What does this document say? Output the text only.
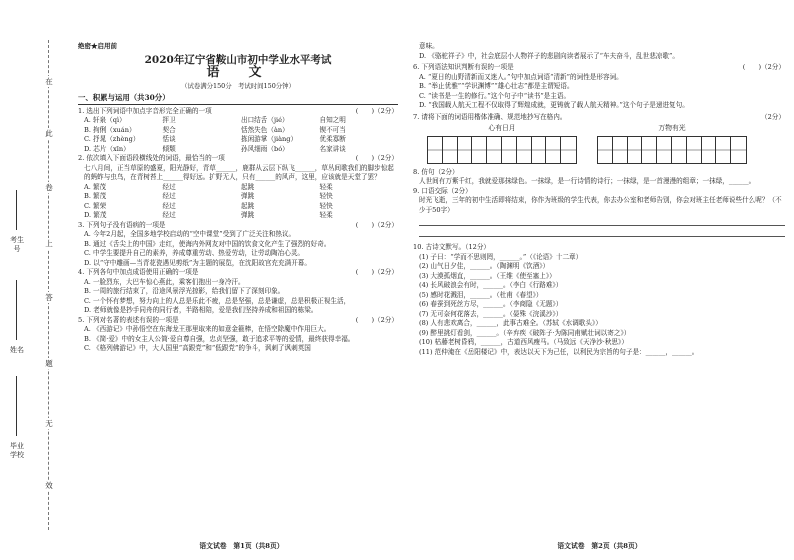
在
此
卷
上
答
题
无
效
考生号
姓名
毕业学校
绝密★启用前
2020年辽宁省鞍山市初中学业水平考试
语　文
（试卷满分150分　考试时间150分钟）
一、积累与运用（共30分）
1. 选出下列词语中加点字音形完全正确的一项	(　　)（2分）
A. 轩泉（qì）	抨卫	出口结舌（jié）	自知之明
B. 拘俐（xuán）	契合	恬然失色（àn）	锲不可当
C. 抒晁（zhèng）	恬谈	拣闲游掌（jiàng）	优柔寡断
D. 芯片（xīn）	倾颓	孙风细雨（bó）	名家讲谈
2. 依次填入下面语段横线处的词语，最恰当的一项	(　　)（2分）
七八月间，正当草原的盛夏，阳光静好，青草______，鹿群从云层下纵飞______，草丛间歌我们的脚步惊起的蚂蚱与虫鸟，在青树苔上______得好远。扩野无人，只有______的风声，这里，应该就是天堂了罢？
A. 繁茂	经过	起跳	轻柔
B. 繁茂	经过	弹跳	轻快
C. 繁荣	经过	起跳	轻快
D. 繁茂	经过	弹跳	轻柔
3. 下列句子没有语病的一项是	(　　)（2分）
A. 今年2月起，全国多地学校启动的“空中课堂”受到了广泛关注和热议。
B. 通过《舌尖上的中国》走红，使海内外网友对中国的饮食文化产生了强烈的好奇。
C. 中学生要提升自己的素养，养成尊重劳动、热爱劳动，让劳动陶冶心灵。
D. 以“守中雕画—当青花瓷遇见剪纸”为主题的展览，在沈阳故宫充充满开幕。
4. 下列各句中加点成语使用正确的一项是	(　　)（2分）
A. 一脸烈东，大巴车惊心燕此，乘客们抱出一身冷汗。
B. 一周的旅行结束了，沿途风景浮光掠影，给我们留下了深刻印象。
C. 一个怀有梦想，努力向上的人总是乐此不疲，总是坚强，总是谦虚，总是积极正视生活，
D. 老师就像是抄手同舟的同行者，半路相陪，爱是我们坚持养成和祖国的栋梁。
5. 下列对名著的表述有误的一项是	(　　)（2分）
A. 《西游记》中孙悟空在东海龙王那里取来的如意金箍棒，在悟空除魔中作用巨大。
B. 《简·爱》中的女主人公简·爱自尊自强，忠贞坚强，敢于追求平等的爱情，最终获得幸福。
C. 《格列佛游记》中，大人国里“高跟党”和“低跟党”的争斗，讽刺了讽刺英国
语文试卷　第1页（共8页）
意味。
D. 《骆驼祥子》中，社会底层小人物祥子的悲剧向读者展示了“车夫奋斗，乱世悲凉歌”。
6. 下列语法知识判断有误的一项是	(　　)（2分）
A. “夏日的山野清新而又迷人。”句中加点词语“清新”的词性是形容词。
B. “举止优雅”“学识渊博”“雄心壮志”都是主谓短语。
C. “读书是一生的修行。”这个句子中“读书”是主语。
D. “我国载人航天工程不仅取得了辉煌成就，更铸就了载人航天精神。”这个句子是递进复句。
7. 请将下面的词语用楷体准确、规范地抄写在格内。	（2分）
心有日月	万物有光
8. 仿句（2分）
人世间有万紫千红，我就爱那抹绿色。一抹绿，是一行诗情的诗行；一抹绿，是一首漫漫的组章；一抹绿，______。
9. 口语交际（2分）
时光飞逝，三年的初中生活即将结束，你作为班级的学生代表，你去办公室和老师告别，你会对班主任老师说些什么呢？（不少于50字）
10. 古诗文默写。（12分）
(1) 子曰：“学而不思则罔，______。”（《论语》十二章）
(2) 山气日夕佳，______。（陶渊明《饮酒》）
(3) 大漠孤烟直，______。（王维《使至塞上》）
(4) 长风破浪会有时，______。（李白《行路难》）
(5) 感时花溅泪，______。（杜甫《春望》）
(6) 春蚕到死丝方尽，______。（李商隐《无题》）
(7) 无可奈何花落去，______。（晏殊《浣溪沙》）
(8) 人有悲欢离合，______，此事古难全。（苏轼《水调歌头》）
(9) 醉里挑灯看剑，______。（辛弃疾《破阵子·为陈同甫赋壮词以寄之》）
(10) 枯藤老树昏鸦，______，古道西风瘦马。（马致远《天净沙·秋思》）
(11) 范仲淹在《岳阳楼记》中，表达以天下为己任，以利民为宗旨的句子是：______，______。
语文试卷　第2页（共8页）
